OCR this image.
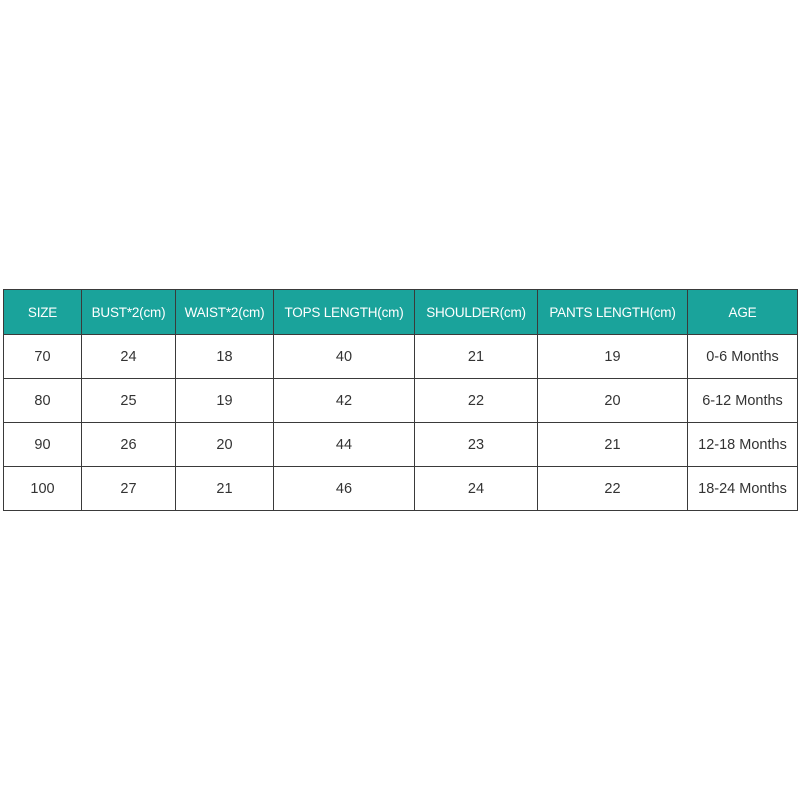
SIZE	BUST*2(cm)	WAIST*2(cm)	TOPS LENGTH(cm)	SHOULDER(cm)	PANTS LENGTH(cm)	AGE
70	24	18	40	21	19	0-6 Months
80	25	19	42	22	20	6-12 Months
90	26	20	44	23	21	12-18 Months
100	27	21	46	24	22	18-24 Months
